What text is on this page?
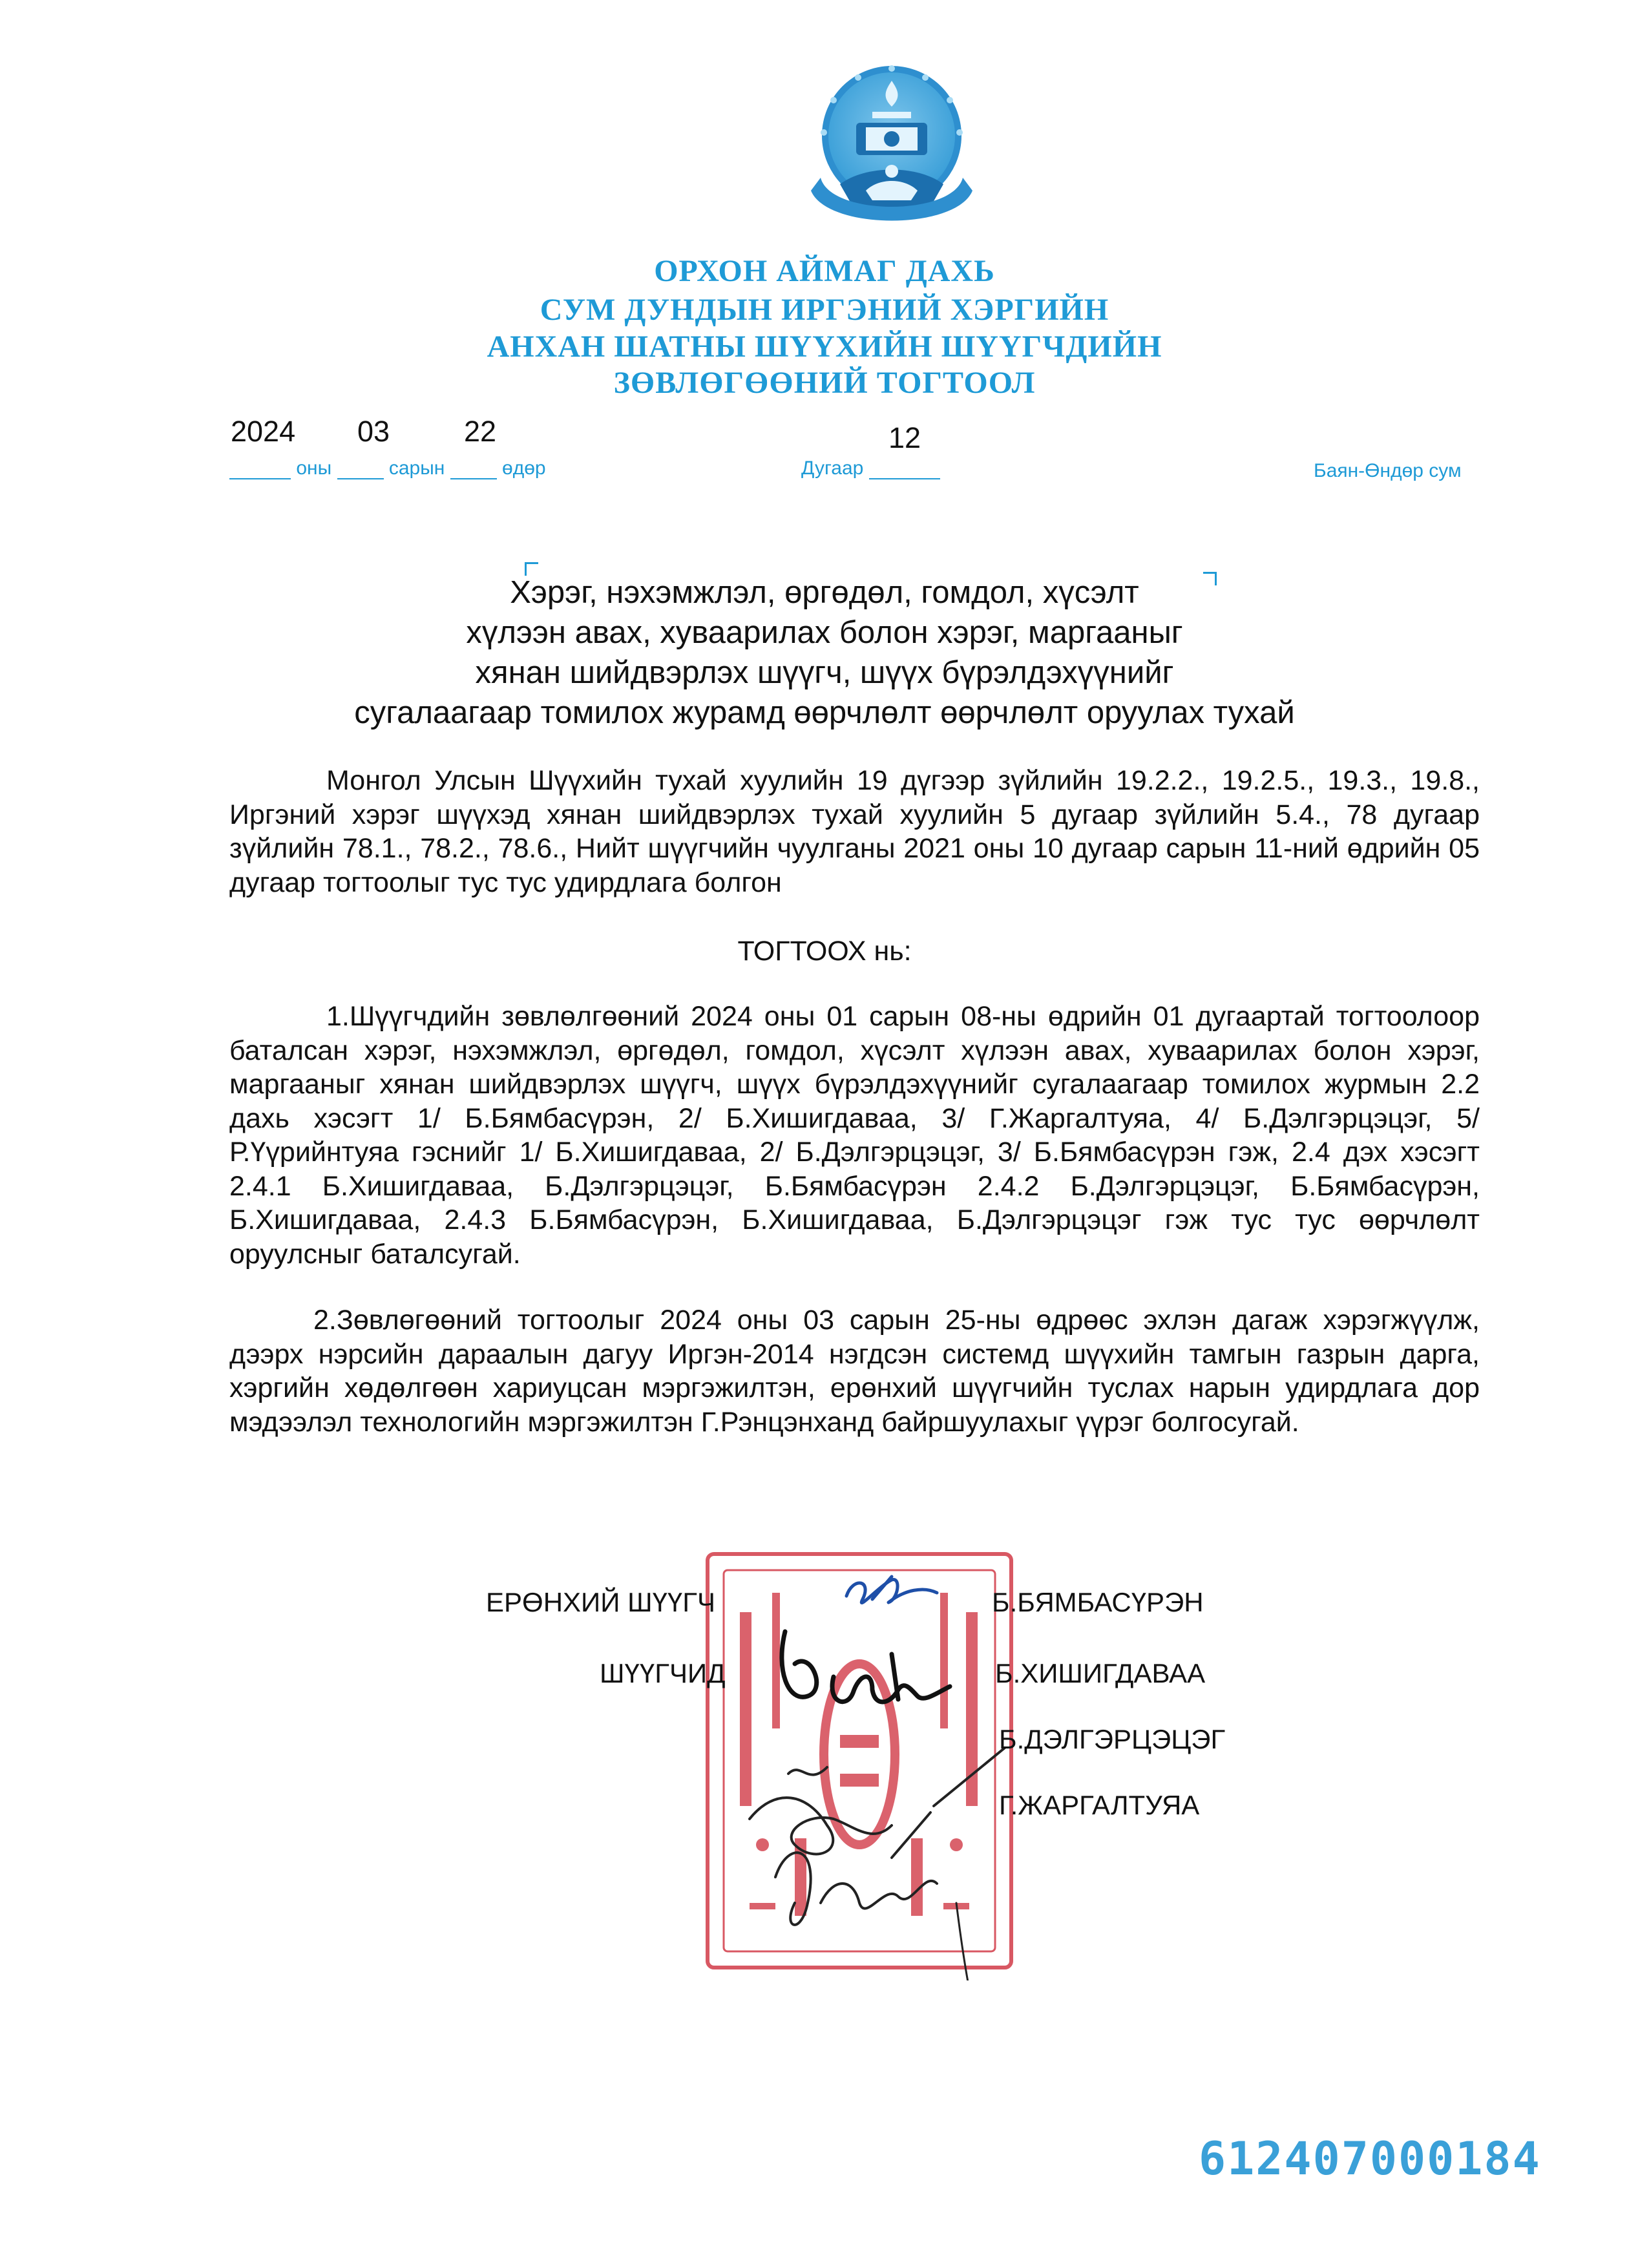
ОРХОН АЙМАГ ДАХЬ
СУМ ДУНДЫН ИРГЭНИЙ ХЭРГИЙН
АНХАН ШАТНЫ ШҮҮХИЙН ШҮҮГЧДИЙН
ЗӨВЛӨГӨӨНИЙ ТОГТООЛ
2024 03	22	12
оны	сарын	өдөр	Дугаар	Баян-Өндөр сум
Хэрэг, нэхэмжлэл, өргөдөл, гомдол, хүсэлт
хүлээн авах, хуваарилах болон хэрэг, маргааныг
хянан шийдвэрлэх шүүгч, шүүх бүрэлдэхүүнийг
сугалаагаар томилох журамд өөрчлөлт өөрчлөлт оруулах тухай
Монгол Улсын Шүүхийн тухай хуулийн 19 дүгээр зүйлийн 19.2.2., 19.2.5., 19.3., 19.8., Иргэний хэрэг шүүхэд хянан шийдвэрлэх тухай хуулийн 5 дугаар зүйлийн 5.4., 78 дугаар зүйлийн 78.1., 78.2., 78.6., Нийт шүүгчийн чуулганы 2021 оны 10 дугаар сарын 11-ний өдрийн 05 дугаар тогтоолыг тус тус удирдлага болгон
ТОГТООХ нь:
1.Шүүгчдийн зөвлөлгөөний 2024 оны 01 сарын 08-ны өдрийн 01 дугаартай тогтоолоор баталсан хэрэг, нэхэмжлэл, өргөдөл, гомдол, хүсэлт хүлээн авах, хуваарилах болон хэрэг, маргааныг хянан шийдвэрлэх шүүгч, шүүх бүрэлдэхүүнийг сугалаагаар томилох журмын 2.2 дахь хэсэгт 1/ Б.Бямбасүрэн, 2/ Б.Хишигдаваа, 3/ Г.Жаргалтуяа, 4/ Б.Дэлгэрцэцэг, 5/ Р.Үүрийнтуяа гэснийг 1/ Б.Хишигдаваа, 2/ Б.Дэлгэрцэцэг, 3/ Б.Бямбасүрэн гэж, 2.4 дэх хэсэгт 2.4.1 Б.Хишигдаваа, Б.Дэлгэрцэцэг, Б.Бямбасүрэн 2.4.2 Б.Дэлгэрцэцэг, Б.Бямбасүрэн, Б.Хишигдаваа, 2.4.3 Б.Бямбасүрэн, Б.Хишигдаваа, Б.Дэлгэрцэцэг гэж тус тус өөрчлөлт оруулсныг баталсугай.
2.Зөвлөгөөний тогтоолыг 2024 оны 03 сарын 25-ны өдрөөс эхлэн дагаж хэрэгжүүлж, дээрх нэрсийн дараалын дагуу Иргэн-2014 нэгдсэн системд шүүхийн тамгын газрын дарга, хэргийн хөдөлгөөн хариуцсан мэргэжилтэн, ерөнхий шүүгчийн туслах нарын удирдлага дор мэдээлэл технологийн мэргэжилтэн Г.Рэнцэнханд байршуулахыг үүрэг болгосугай.
ЕРӨНХИЙ ШҮҮГЧ	Б.БЯМБАСҮРЭН
ШҮҮГЧИД	Б.ХИШИГДАВАА
Б.ДЭЛГЭРЦЭЦЭГ
Г.ЖАРГАЛТУЯА
612407000184
